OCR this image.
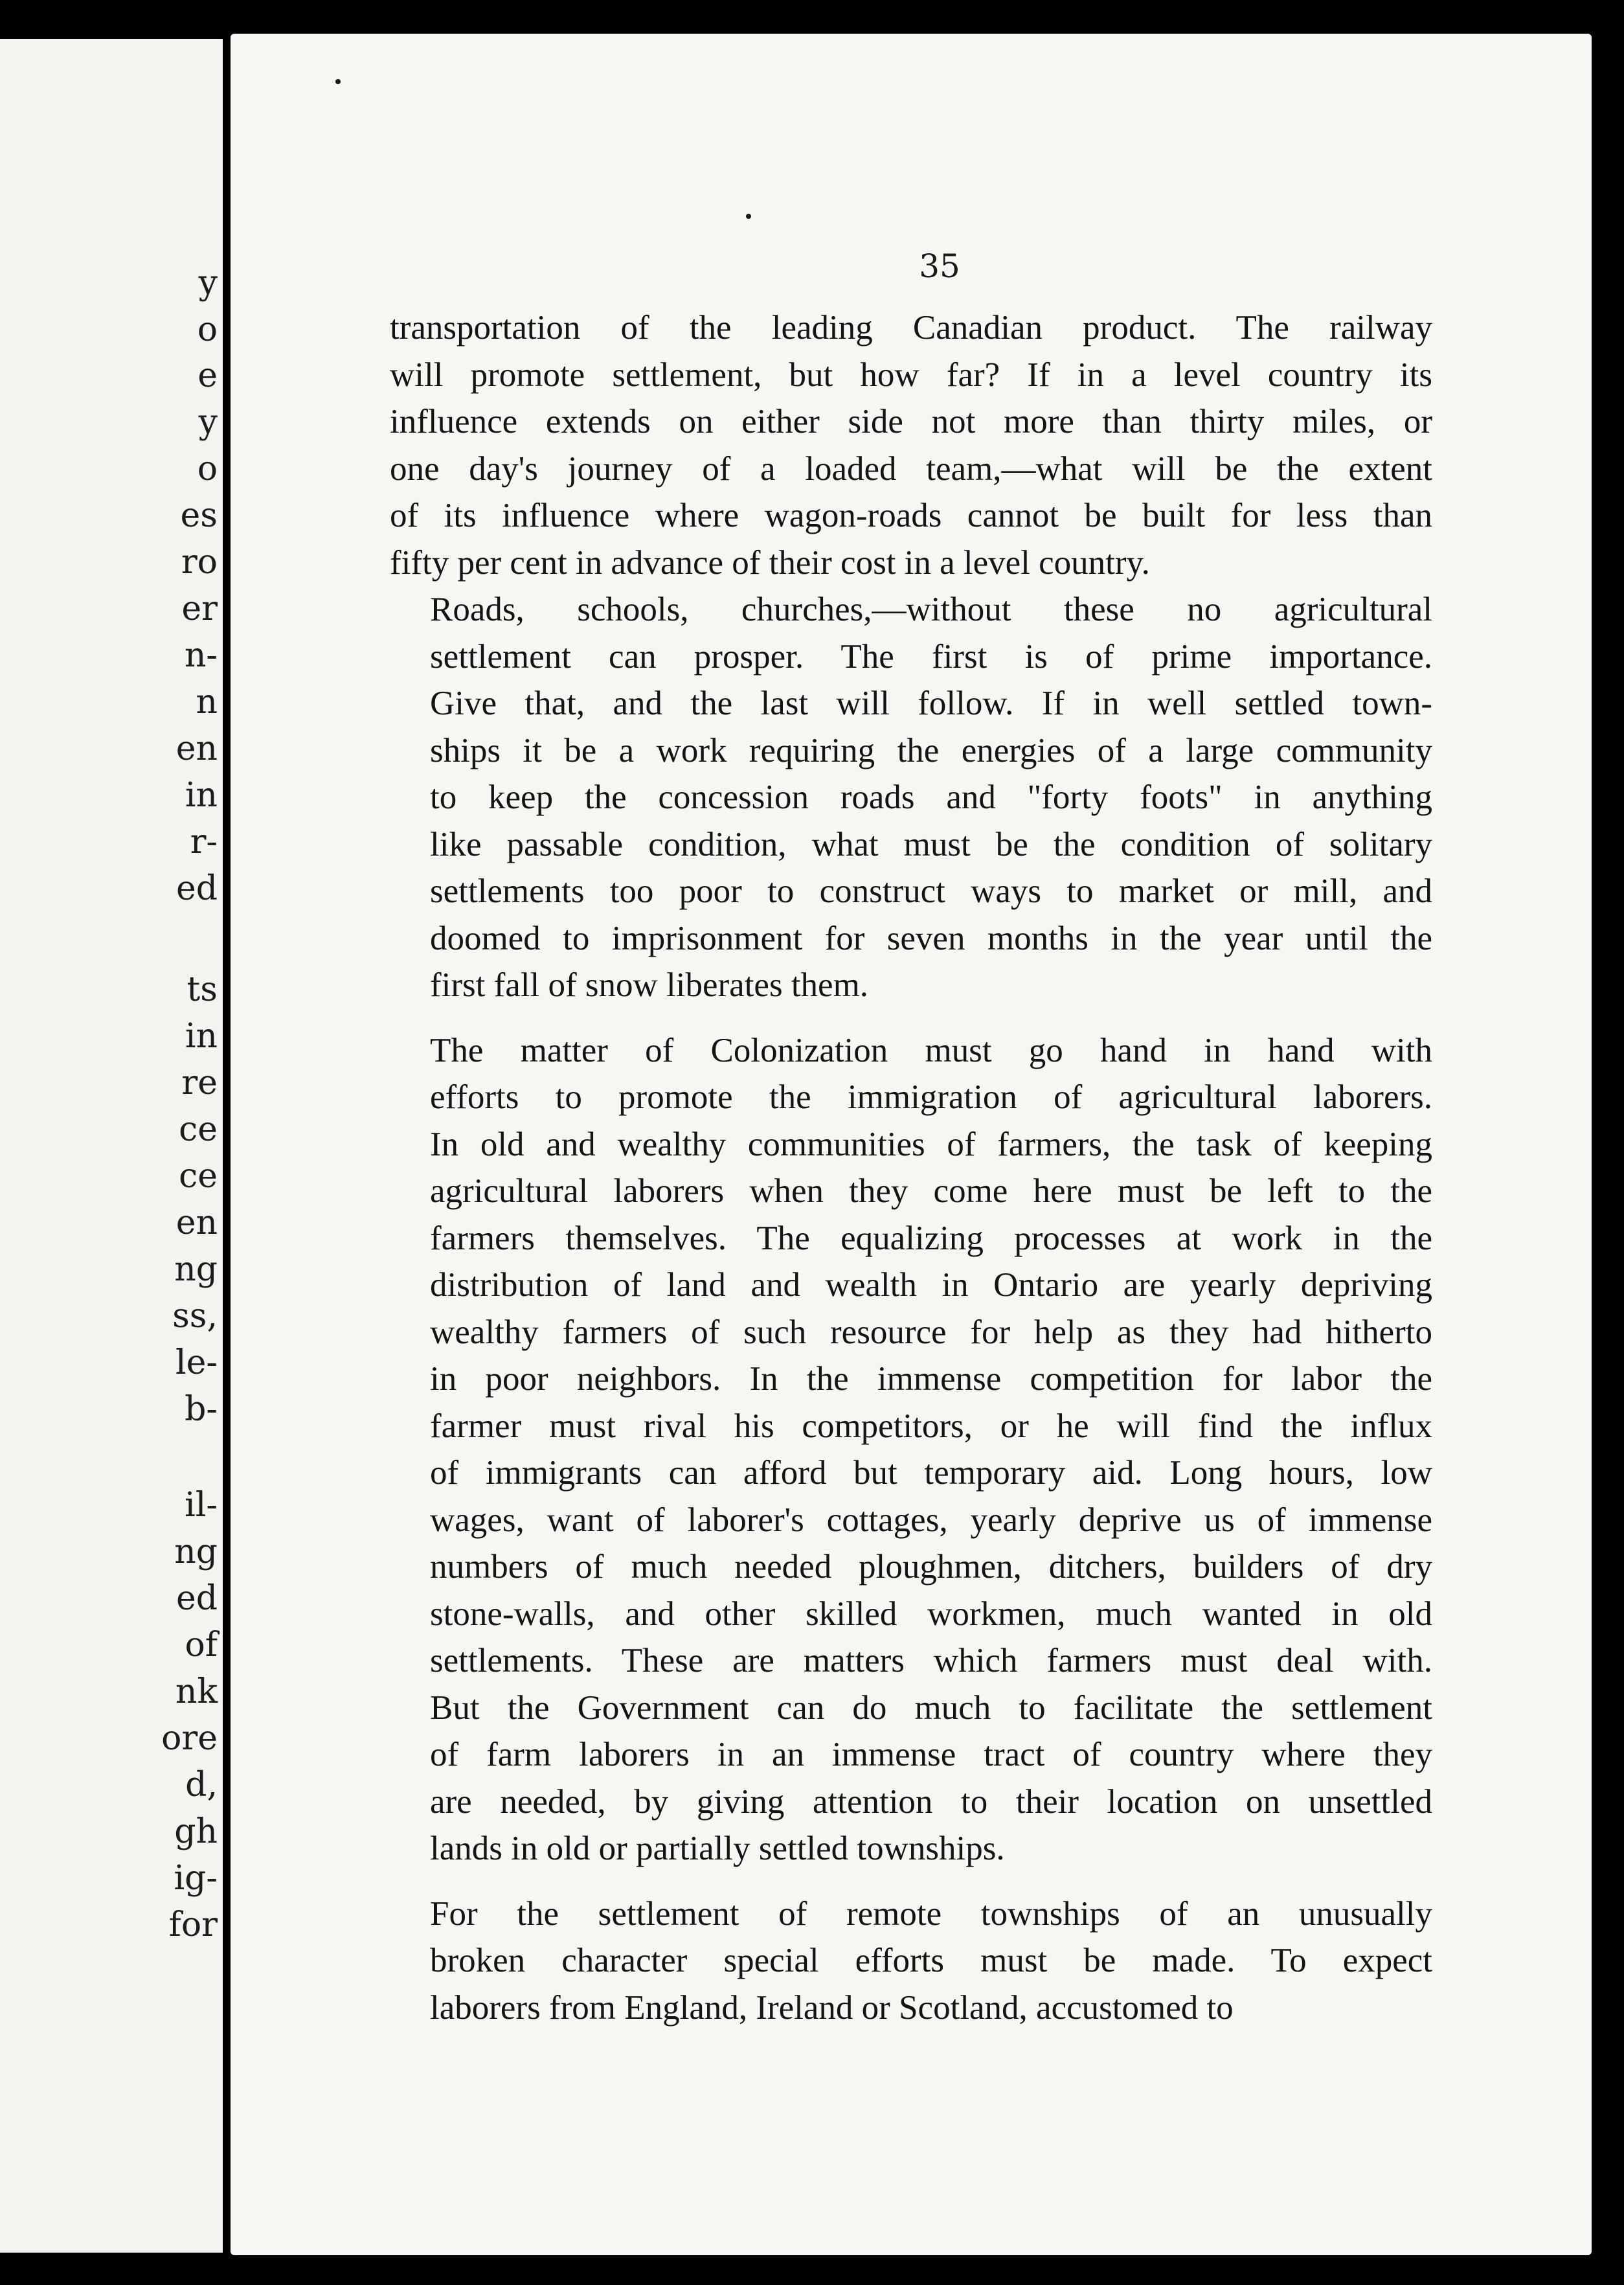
y
o
e
y
o
es
ro
er
n-
n
en
in
r-
ed
ts
in
re
ce
ce
en
ng
ss,
le-
b-
il-
ng
ed
of
nk
ore
d,
gh
ig-
for
35
transportation of the leading Canadian product. The railway
will promote settlement, but how far? If in a level country its
influence extends on either side not more than thirty miles, or
one day's journey of a loaded team,—what will be the extent
of its influence where wagon-roads cannot be built for less than
fifty per cent in advance of their cost in a level country.
Roads, schools, churches,—without these no agricultural
settlement can prosper. The first is of prime importance.
Give that, and the last will follow. If in well settled town-
ships it be a work requiring the energies of a large community
to keep the concession roads and "forty foots" in anything
like passable condition, what must be the condition of solitary
settlements too poor to construct ways to market or mill, and
doomed to imprisonment for seven months in the year until the
first fall of snow liberates them.
The matter of Colonization must go hand in hand with
efforts to promote the immigration of agricultural laborers.
In old and wealthy communities of farmers, the task of keeping
agricultural laborers when they come here must be left to the
farmers themselves. The equalizing processes at work in the
distribution of land and wealth in Ontario are yearly depriving
wealthy farmers of such resource for help as they had hitherto
in poor neighbors. In the immense competition for labor the
farmer must rival his competitors, or he will find the influx
of immigrants can afford but temporary aid. Long hours, low
wages, want of laborer's cottages, yearly deprive us of immense
numbers of much needed ploughmen, ditchers, builders of dry
stone-walls, and other skilled workmen, much wanted in old
settlements. These are matters which farmers must deal with.
But the Government can do much to facilitate the settlement
of farm laborers in an immense tract of country where they
are needed, by giving attention to their location on unsettled
lands in old or partially settled townships.
For the settlement of remote townships of an unusually
broken character special efforts must be made. To expect
laborers from England, Ireland or Scotland, accustomed to
